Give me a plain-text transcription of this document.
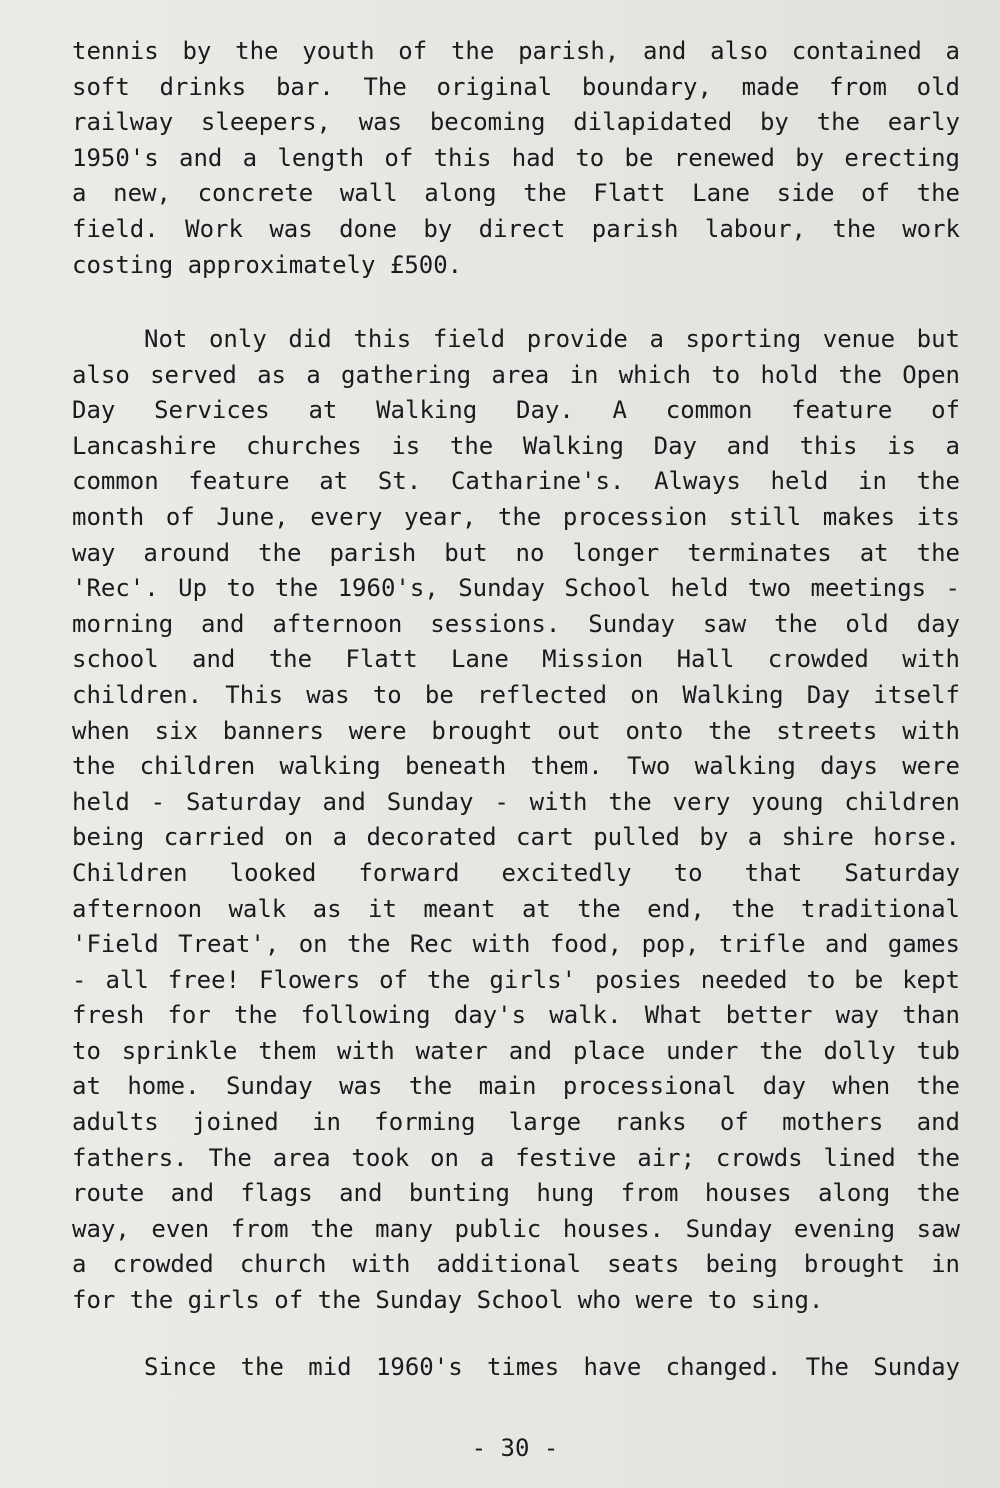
tennis by the youth of the parish, and also contained a
soft drinks bar. The original boundary, made from old
railway sleepers, was becoming dilapidated by the early
1950's and a length of this had to be renewed by erecting
a new, concrete wall along the Flatt Lane side of the
field. Work was done by direct parish labour, the work
costing approximately £500.

Not only did this field provide a sporting venue but
also served as a gathering area in which to hold the Open
Day Services at Walking Day. A common feature of
Lancashire churches is the Walking Day and this is a
common feature at St. Catharine's. Always held in the
month of June, every year, the procession still makes its
way around the parish but no longer terminates at the
'Rec'. Up to the 1960's, Sunday School held two meetings -
morning and afternoon sessions. Sunday saw the old day
school and the Flatt Lane Mission Hall crowded with
children. This was to be reflected on Walking Day itself
when six banners were brought out onto the streets with
the children walking beneath them. Two walking days were
held - Saturday and Sunday - with the very young children
being carried on a decorated cart pulled by a shire horse.
Children looked forward excitedly to that Saturday
afternoon walk as it meant at the end, the traditional
'Field Treat', on the Rec with food, pop, trifle and games
- all free! Flowers of the girls' posies needed to be kept
fresh for the following day's walk. What better way than
to sprinkle them with water and place under the dolly tub
at home. Sunday was the main processional day when the
adults joined in forming large ranks of mothers and
fathers. The area took on a festive air; crowds lined the
route and flags and bunting hung from houses along the
way, even from the many public houses. Sunday evening saw
a crowded church with additional seats being brought in
for the girls of the Sunday School who were to sing.

Since the mid 1960's times have changed. The Sunday

- 30 -
